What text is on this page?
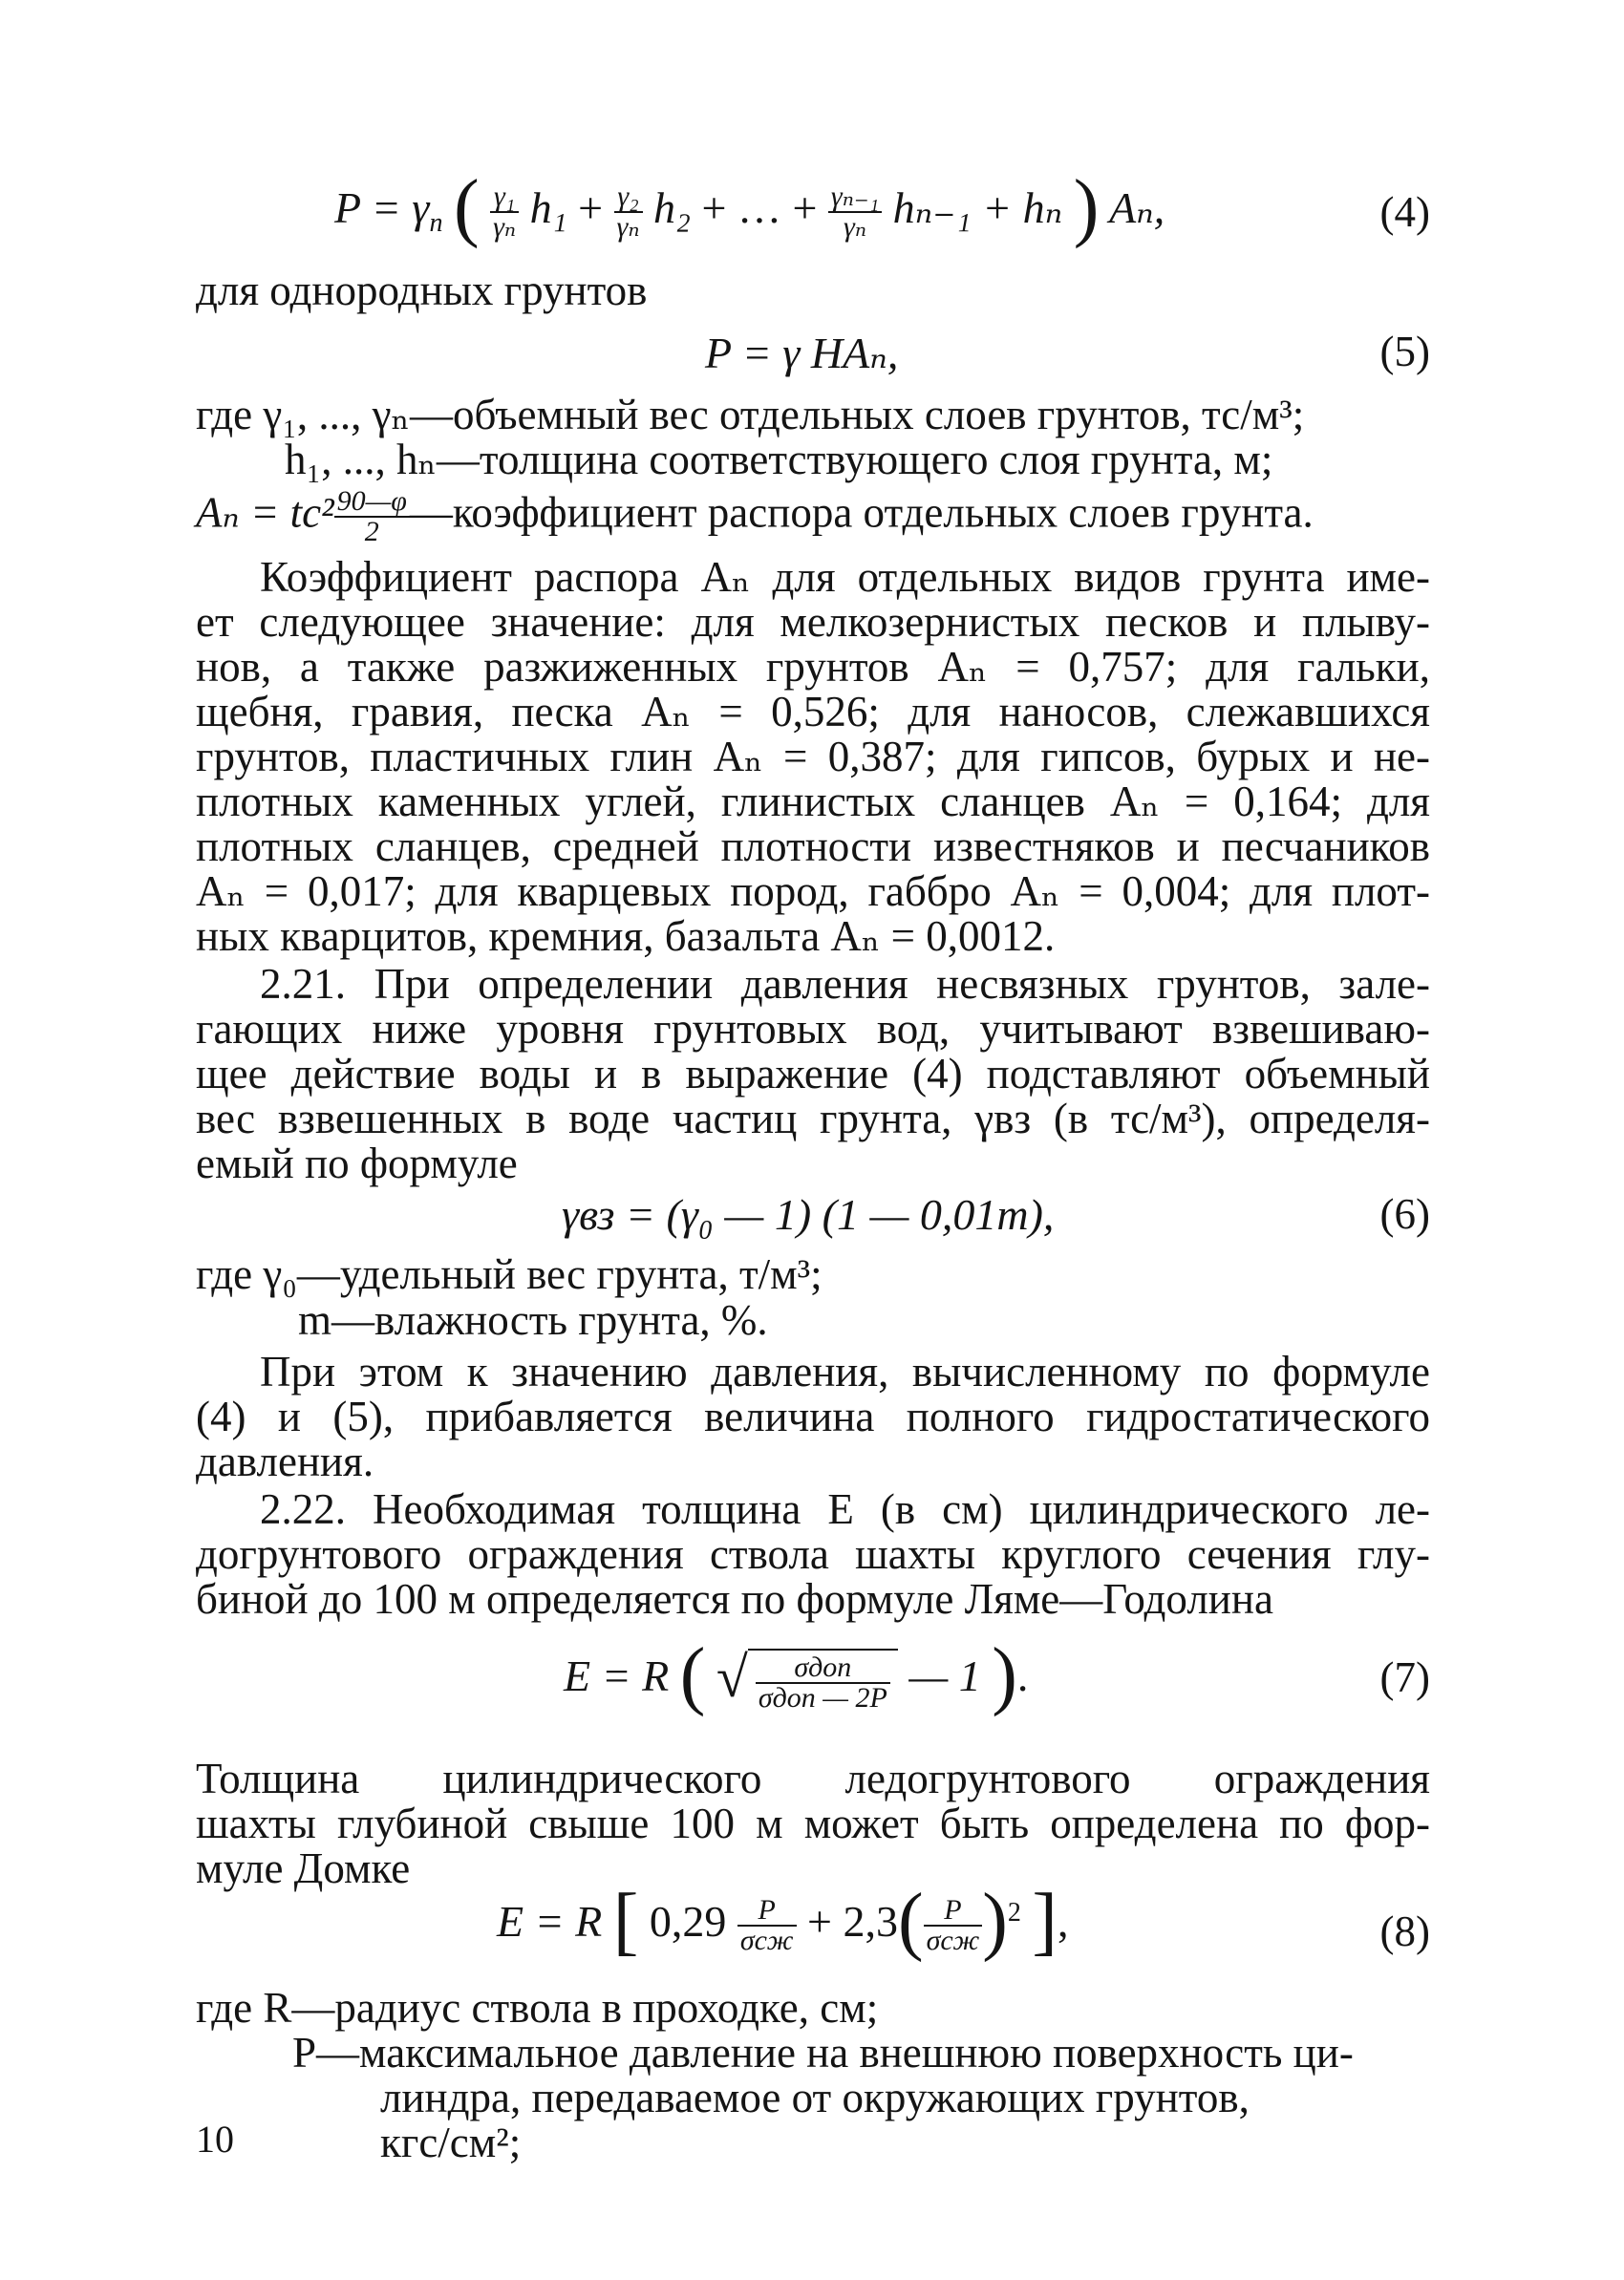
$P = \gamma_n$ ( $\frac{\text{γ₁}}{\text{γₙ}} h_1 + \frac{\text{γ₂}}{\text{γₙ}} h_2$ + … + $\frac{\text{γₙ₋₁}}{\text{γₙ}} h_{n-1} + h_n$ ) Aₙ,	(4)
для однородных грунтов
P = γ HAₙ,	(5)
где γ₁, ..., γₙ—объемный вес отдельных слоев грунтов, тс/м³;
h₁, ..., hₙ—толщина соответствующего слоя грунта, м;
$A_n = tc^2 \frac{90—\varphi}{2}$ —коэффициент распора отдельных слоев грунта.
Коэффициент распора Aₙ для отдельных видов грунта име-
ет следующее значение: для мелкозернистых песков и плыву-
нов, а также разжиженных грунтов Aₙ = 0,757; для гальки,
щебня, гравия, песка Aₙ = 0,526; для наносов, слежавшихся
грунтов, пластичных глин Aₙ = 0,387; для гипсов, бурых и не-
плотных каменных углей, глинистых сланцев Aₙ = 0,164; для
плотных сланцев, средней плотности известняков и песчаников
Aₙ = 0,017; для кварцевых пород, габбро Aₙ = 0,004; для плот-
ных кварцитов, кремния, базальта Aₙ = 0,0012.
2.21. При определении давления несвязных грунтов, зале-
гающих ниже уровня грунтовых вод, учитывают взвешиваю-
щее действие воды и в выражение (4) подставляют объемный
вес взвешенных в воде частиц грунта, γвз (в тс/м³), определя-
емый по формуле
γвз = (γ₀ — 1) (1 — 0,01m),	(6)
где γ₀—удельный вес грунта, т/м³;
m—влажность грунта, %.
При этом к значению давления, вычисленному по формуле
(4) и (5), прибавляется величина полного гидростатического
давления.
2.22. Необходимая толщина E (в см) цилиндрического ле-
догрунтового ограждения ствола шахты круглого сечения глу-
биной до 100 м определяется по формуле Ляме—Годолина
E = R ( √ $\frac{\text{σдоп}}{\text{σдоп — 2P}}$ — 1 ).	(7)
Толщина цилиндрического ледогрунтового ограждения
шахты глубиной свыше 100 м может быть определена по фор-
муле Домке
E = R [ $0,29 \frac{P}{\text{σсж}} + 2,3( \frac{P}{\text{σсж}} )^2$ ],	(8)
где R—радиус ствола в проходке, см;
P—максимальное давление на внешнюю поверхность ци-
линдра, передаваемое от окружающих грунтов,
кгс/см²;
10
